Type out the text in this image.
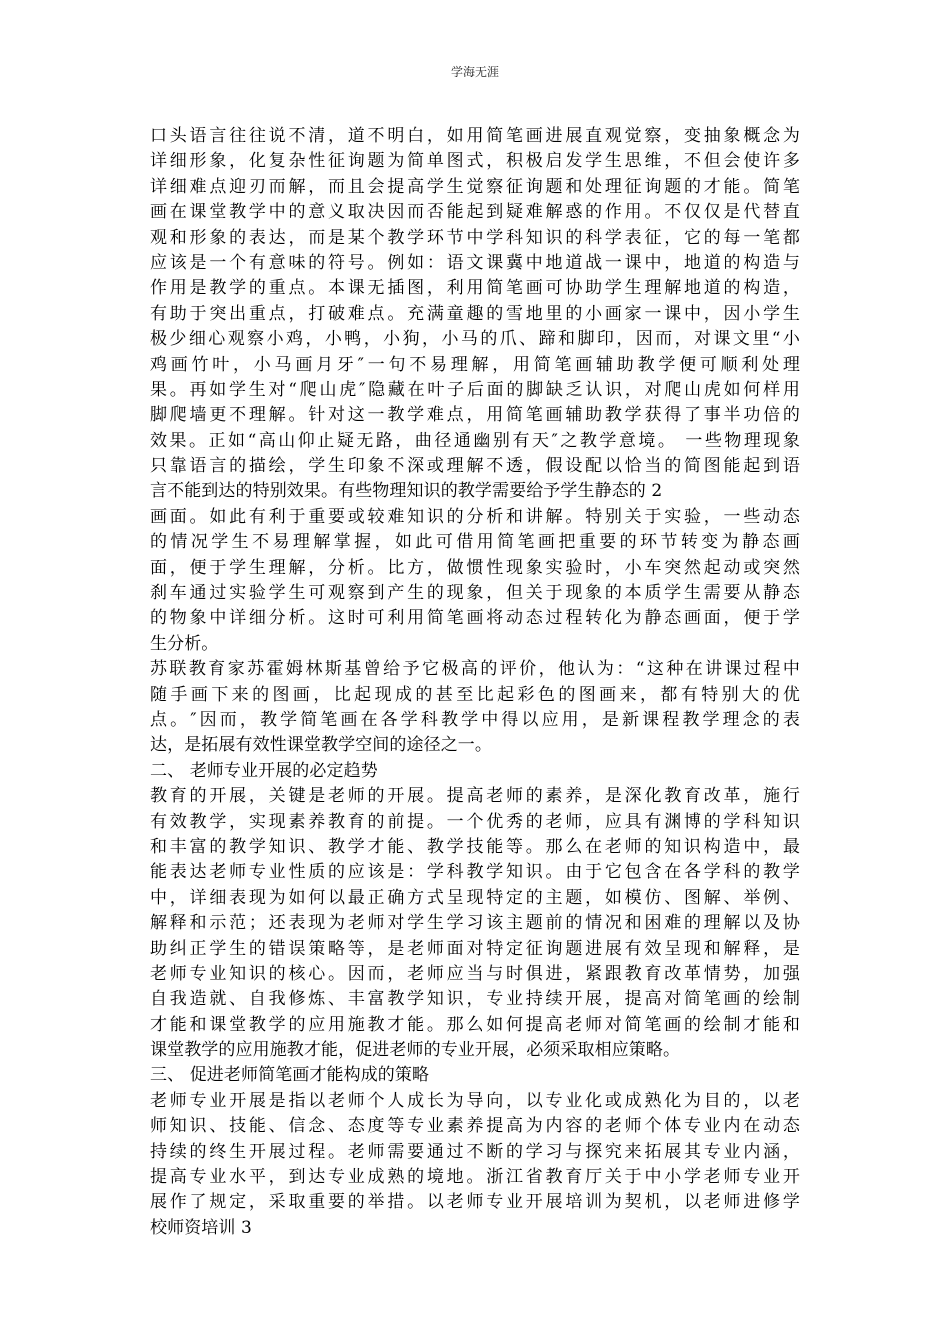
学海无涯
口头语言往往说不清，道不明白，如用简笔画进展直观觉察，变抽象概念为
详细形象，化复杂性征询题为简单图式，积极启发学生思维，不但会使许多
详细难点迎刃而解，而且会提高学生觉察征询题和处理征询题的才能。简笔
画在课堂教学中的意义取决因而否能起到疑难解惑的作用。不仅仅是代替直
观和形象的表达，而是某个教学环节中学科知识的科学表征，它的每一笔都
应该是一个有意味的符号。例如：语文课冀中地道战一课中，地道的构造与
作用是教学的重点。本课无插图，利用简笔画可协助学生理解地道的构造，
有助于突出重点，打破难点。充满童趣的雪地里的小画家一课中，因小学生
极少细心观察小鸡，小鸭，小狗，小马的爪、蹄和脚印，因而，对课文里“小
鸡画竹叶，小马画月牙″一句不易理解，用简笔画辅助教学便可顺利处理
果。再如学生对“爬山虎″隐藏在叶子后面的脚缺乏认识，对爬山虎如何样用
脚爬墙更不理解。针对这一教学难点，用简笔画辅助教学获得了事半功倍的
效果。正如“高山仰止疑无路，曲径通幽别有天″之教学意境。 一些物理现象
只靠语言的描绘，学生印象不深或理解不透，假设配以恰当的简图能起到语
言不能到达的特别效果。有些物理知识的教学需要给予学生静态的 2
画面。如此有利于重要或较难知识的分析和讲解。特别关于实验，一些动态
的情况学生不易理解掌握，如此可借用简笔画把重要的环节转变为静态画
面，便于学生理解，分析。比方，做惯性现象实验时，小车突然起动或突然
刹车通过实验学生可观察到产生的现象，但关于现象的本质学生需要从静态
的物象中详细分析。这时可利用简笔画将动态过程转化为静态画面，便于学
生分析。
苏联教育家苏霍姆林斯基曾给予它极高的评价，他认为：“这种在讲课过程中
随手画下来的图画，比起现成的甚至比起彩色的图画来，都有特别大的优
点。″因而，教学简笔画在各学科教学中得以应用，是新课程教学理念的表
达，是拓展有效性课堂教学空间的途径之一。
二、 老师专业开展的必定趋势
教育的开展，关键是老师的开展。提高老师的素养，是深化教育改革，施行
有效教学，实现素养教育的前提。一个优秀的老师，应具有渊博的学科知识
和丰富的教学知识、教学才能、教学技能等。那么在老师的知识构造中，最
能表达老师专业性质的应该是：学科教学知识。由于它包含在各学科的教学
中，详细表现为如何以最正确方式呈现特定的主题，如模仿、图解、举例、
解释和示范；还表现为老师对学生学习该主题前的情况和困难的理解以及协
助纠正学生的错误策略等，是老师面对特定征询题进展有效呈现和解释，是
老师专业知识的核心。因而，老师应当与时俱进，紧跟教育改革情势，加强
自我造就、自我修炼、丰富教学知识，专业持续开展，提高对简笔画的绘制
才能和课堂教学的应用施教才能。那么如何提高老师对简笔画的绘制才能和
课堂教学的应用施教才能，促进老师的专业开展，必须采取相应策略。
三、 促进老师简笔画才能构成的策略
老师专业开展是指以老师个人成长为导向，以专业化或成熟化为目的，以老
师知识、技能、信念、态度等专业素养提高为内容的老师个体专业内在动态
持续的终生开展过程。老师需要通过不断的学习与探究来拓展其专业内涵，
提高专业水平，到达专业成熟的境地。浙江省教育厅关于中小学老师专业开
展作了规定，采取重要的举措。以老师专业开展培训为契机，以老师进修学
校师资培训 3
